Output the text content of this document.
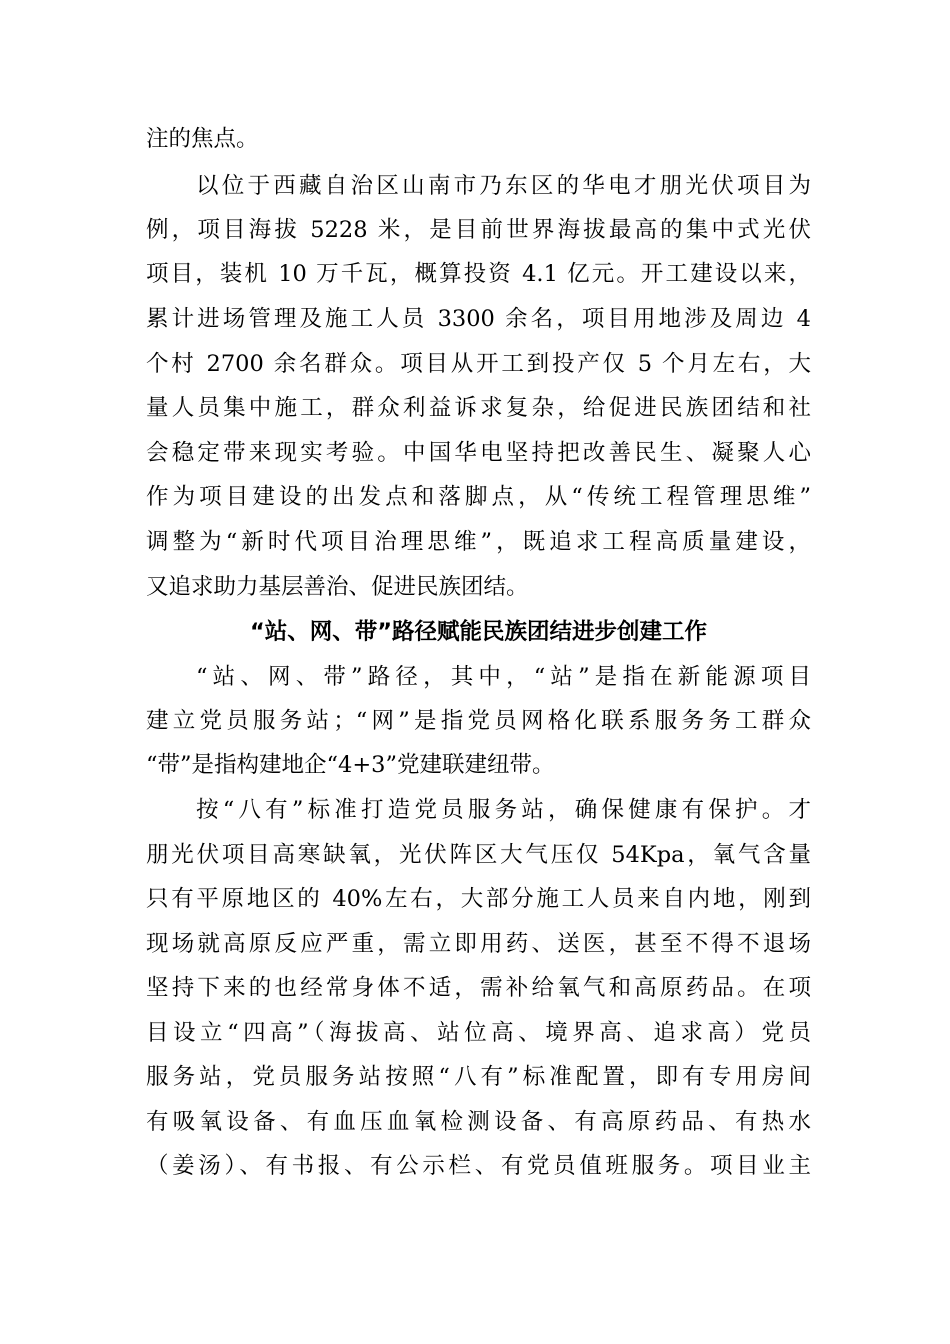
注的焦点。
以位于西藏自治区山南市乃东区的华电才朋光伏项目为
例，项目海拔 5228 米，是目前世界海拔最高的集中式光伏
项目，装机 10 万千瓦，概算投资 4.1 亿元。开工建设以来，
累计进场管理及施工人员 3300 余名，项目用地涉及周边 4
个村 2700 余名群众。项目从开工到投产仅 5 个月左右，大
量人员集中施工，群众利益诉求复杂，给促进民族团结和社
会稳定带来现实考验。中国华电坚持把改善民生、凝聚人心
作为项目建设的出发点和落脚点，从“传统工程管理思维”
调整为“新时代项目治理思维”，既追求工程高质量建设，
又追求助力基层善治、促进民族团结。
“站、网、带”路径赋能民族团结进步创建工作
“站、网、带”路径，其中，“站”是指在新能源项目
建立党员服务站；“网”是指党员网格化联系服务务工群众
“带”是指构建地企“4+3”党建联建纽带。
按“八有”标准打造党员服务站，确保健康有保护。才
朋光伏项目高寒缺氧，光伏阵区大气压仅 54Kpa，氧气含量
只有平原地区的 40%左右，大部分施工人员来自内地，刚到
现场就高原反应严重，需立即用药、送医，甚至不得不退场
坚持下来的也经常身体不适，需补给氧气和高原药品。在项
目设立“四高”（海拔高、站位高、境界高、追求高）党员
服务站，党员服务站按照“八有”标准配置，即有专用房间
有吸氧设备、有血压血氧检测设备、有高原药品、有热水
（姜汤）、有书报、有公示栏、有党员值班服务。项目业主
